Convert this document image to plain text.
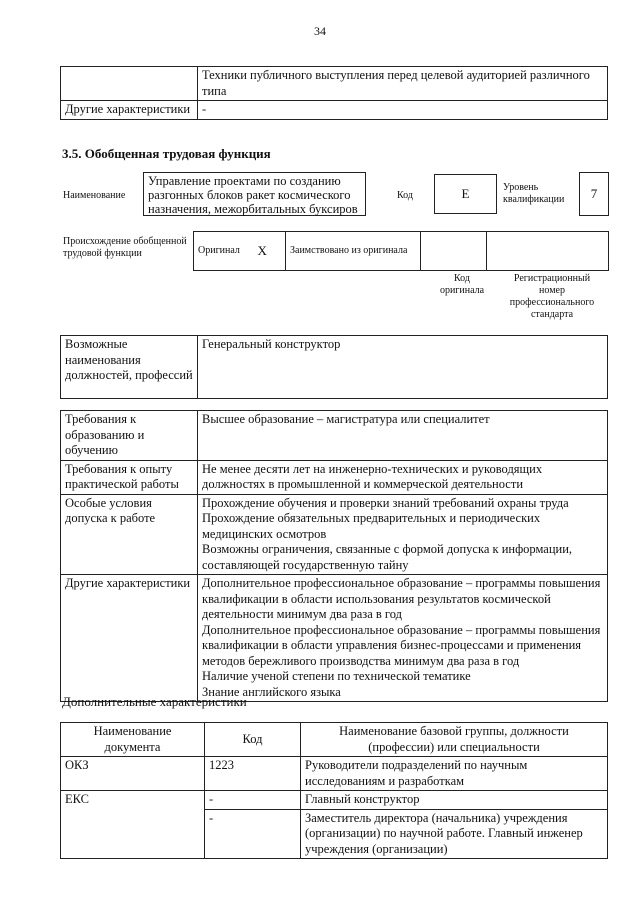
34
	Техники публичного выступления перед целевой аудиторией различного типа
Другие характеристики	-
3.5. Обобщенная трудовая функция
Наименование
Управление проектами по созданию разгонных блоков ракет космического назначения, межорбитальных буксиров
Код	E	Уровень квалификации	7
Происхождение обобщенной трудовой функции	Оригинал	X	Заимствовано из оригинала		
Код оригинала
Регистрационный номер профессионального стандарта
Возможные наименования должностей, профессий	Генеральный конструктор
Требования к образованию и обучению	Высшее образование – магистратура или специалитет

Требования к опыту практической работы	Не менее десяти лет на инженерно-технических и руководящих должностях в промышленной и коммерческой деятельности

Особые условия допуска к работе	Прохождение обучения и проверки знаний требований охраны труда

Прохождение обязательных предварительных и периодических медицинских осмотров

Возможны ограничения, связанные с формой допуска к информации, составляющей государственную тайну

Другие характеристики	Дополнительное профессиональное образование – программы повышения квалификации в области использования результатов космической деятельности минимум два раза в год

Дополнительное профессиональное образование – программы повышения квалификации в области управления бизнес-процессами и применения методов бережливого производства минимум два раза в год

Наличие ученой степени по технической тематике

Знание английского языка

Дополнительные характеристики
Наименование документа	Код	Наименование базовой группы, должности (профессии) или специальности
ОКЗ	1223	Руководители подразделений по научным исследованиям и разработкам
ЕКС	-	Главный конструктор
	-	Заместитель директора (начальника) учреждения (организации) по научной работе. Главный инженер учреждения (организации)
